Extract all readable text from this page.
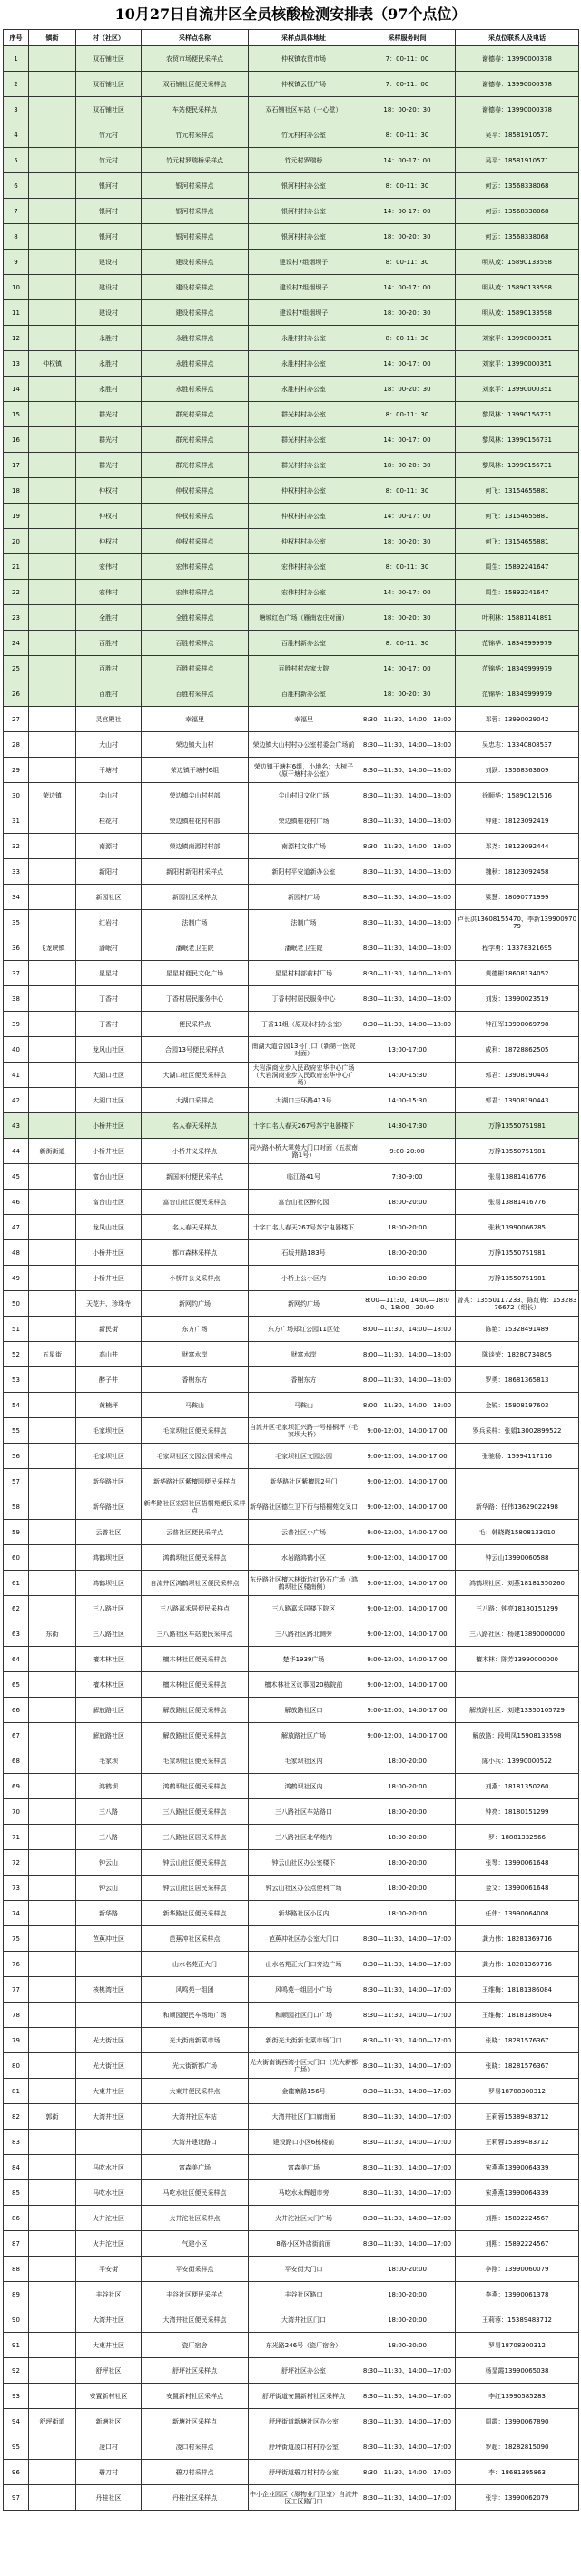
10月27日自流井区全员核酸检测安排表（97个点位）
序号	镇街	村（社区）	采样点名称	采样点具体地址	采样服务时间	采点位联系人及电话
1		双石铺社区	农贸市场便民采样点	仲权镇农贸市场	7：00-11：00	谢德春：13990000378
2		双石铺社区	双石铺社区便民采样点	仲权镇云恒广场	7：00-11：00	谢德春：13990000378
3		双石铺社区	车站便民采样点	双石铺社区车站（一心堂）	18：00-20：30	谢德春：13990000378
4		竹元村	竹元村采样点	竹元村村办公室	8：00-11：30	吴平：18581910571
5		竹元村	竹元村罗瑞桥采样点	竹元村罗瑞桥	14：00-17：00	吴平：18581910571
6		银河村	银河村采样点	银河村村办公室	8：00-11：30	何云：13568338068
7		银河村	银河村采样点	银河村村办公室	14：00-17：00	何云：13568338068
8		银河村	银河村采样点	银河村村办公室	18：00-20：30	何云：13568338068
9		建设村	建设村采样点	建设村7组烟坝子	8：00-11：30	明从茂：15890133598
10		建设村	建设村采样点	建设村7组烟坝子	14：00-17：00	明从茂：15890133598
11		建设村	建设村采样点	建设村7组烟坝子	18：00-20：30	明从茂：15890133598
12		永胜村	永胜村采样点	永胜村村办公室	8：00-11：30	刘家平：13990000351
13	仲权镇	永胜村	永胜村采样点	永胜村村办公室	14：00-17：00	刘家平：13990000351
14		永胜村	永胜村采样点	永胜村村办公室	18：00-20：30	刘家平：13990000351
15		群光村	群光村采样点	群光村村办公室	8：00-11：30	黎凤林：13990156731
16		群光村	群光村采样点	群光村村办公室	14：00-17：00	黎凤林：13990156731
17		群光村	群光村采样点	群光村村办公室	18：00-20：30	黎凤林：13990156731
18		仲权村	仲权村采样点	仲权村村办公室	8：00-11：30	何飞：13154655881
19		仲权村	仲权村采样点	仲权村村办公室	14：00-17：00	何飞：13154655881
20		仲权村	仲权村采样点	仲权村村办公室	18：00-20：30	何飞：13154655881
21		宏伟村	宏伟村采样点	宏伟村村办公室	8：00-11：30	周生：15892241647
22		宏伟村	宏伟村采样点	宏伟村村办公室	14：00-17：00	周生：15892241647
23		全胜村	全胜村采样点	塘坡红色广场（雁南农庄对面）	18：00-20：30	叶利林：15881141891
24		百胜村	百胜村采样点	百胜村新办公室	8：00-11：30	范锦华：18349999979
25		百胜村	百胜村采样点	百胜村村农家大院	14：00-17：00	范锦华：18349999979
26		百胜村	百胜村采样点	百胜村新办公室	18：00-20：30	范锦华：18349999979
27		灵宫殿社	幸福里	幸福里	8:30—11:30、14:00—18:00	邓蓉：13990029042
28		大山村	荣边镇大山村	荣边镇大山村村办公室村委会广场前	8:30—11:30、14:00—18:00	吴忠志：13340808537
29		干塘村	荣边镇干塘村6组	荣边镇干塘村6组，小地名：大树子（原干塘村办公室）	8:30—11:30、14:00—18:00	刘跃：13568363609
30	荣边镇	尖山村	荣边镇尖山村村部	尖山村旧文化广场	8:30—11:30、14:00—18:00	徐顺华：15890121516
31		桂花村	荣边镇桂花村村部	荣边镇桂花村广场	8:30—11:30、14:00—18:00	钟建：18123092419
32		南源村	荣边镇南源村村部	南源村文体广场	8:30—11:30、14:00—18:00	邓尧：18123092444
33		新阳村	新阳村新阳村采样点	新阳村平安道新办公室	8:30—11:30、14:00—18:00	魏秋：18123092458
34		新园社区	新园社区采样点	新园村广场	8:30—11:30、14:00—18:00	梁慧：18090771999
35		红岩村	法制广场	法制广场	8:30—11:30、14:00—18:00	卢长洪13608155470、李新13990097079
36	飞龙峡镇	潘岷村	潘岷老卫生院	潘岷老卫生院	8:30—11:30、14:00—18:00	程学勇：13378321695
37		星星村	星星村便民文化广场	星星村村部前村厂场	8:30—11:30、14:00—18:00	黄德彬18608134052
38		丁香村	丁香村居民服务中心	丁香村村居民服务中心	8:30—11:30、14:00—18:00	刘发：13990023519
39		丁香村	便民采样点	丁香11组（原双水村办公室）	8:30—11:30、14:00—18:00	钟江军13990069798
40		龙风山社区	合园13号便民采样点	南湖大道合园13号门口（新第一医院对面）	13:00-17:00	成利：18728862505
41		大湖口社区	大湖口社区便民采样点	大岩洞商业步入民政府宏华中心广场（大岩洞商业步入民政府宏华中心广场）	14:00-15:30	郭君：13908190443
42		大湖口社区	大湖口采样点	大湖口三环路413号	14:00-15:30	郭君：13908190443
43		小桥井社区	名人春天采样点	十字口名人春天267号苏宁电器楼下	14:30-17:30	万静13550751981
44	新街街道	小桥井社区	小桥井义采样点	同兴路小桥大翠苑大门口对面（五叔南路1号）	9:00-20:00	万静13550751981
45		富台山社区	新国亦付便民采样点	临江路41号	7:30-9:00	张易13881416776
46		富台山社区	富台山社区便民采样点	富台山社区醉化园	18:00-20:00	张易13881416776
47		龙凤山社区	名人春天采样点	十字口名人春天267号苏宁电器楼下	18:00-20:00	张秋13990066285
48		小桥井社区	都市森林采样点	石坂井路183号	18:00-20:00	万静13550751981
49		小桥井社区	小桥井公义采样点	小桥上公小区内	18:00-20:00	万静13550751981
50		天花井、珍珠寺	新网约广场	新网约广场	8:00—11:30、14:00—18:00、18:00—20:00	曾兆：13550117233、陈红梅：15328376672（组长）
51		新民街	东方广场	东方广场郑红公园11区处	8:00—11:30、14:00—18:00	陈艳：15328491489
52	五星街	高山井	财富水岸	财富水岸	8:00—11:30、14:00—18:00	陈谈荣：18280734805
53		醉子井	香榭东方	香榭东方	8:00—11:30、14:00—18:00	罗勇：18681365813
54		黄楠坪	马鞍山	马鞍山	8:00—11:30、14:00—18:00	金锐：15908197603
55		毛家坝社区	毛家坝社区便民采样点	自流井区毛家坝汇兴路一号梧桐坪（毛家坝大桥）	9:00-12:00、14:00-17:00	罗兵采样：张娟13002899522
56		毛家坝社区	毛家坝社区文园公园采样点	毛家坝社区文园公园	9:00-12:00、14:00-17:00	张驰杨：15994117116
57		新华路社区	新华路社区紫檀园便民采样点	新华路社区紫檀园2号门	9:00-12:00、14:00-17:00	
58		新华路社区	新华路社区宏居社区梧桐苑便民采样点	新华路社区德生卫下行与梧桐苑交叉口	9:00-12:00、14:00-17:00	新华路：任伟13629022498
59		云普社区	云普社区便民采样点	云普社区小广场	9:00-12:00、14:00-17:00	毛：韩晓晓15808133010
60		鸿鹤坝社区	鸿鹤坝社区便民采样点	水岩路鸿鹤小区	9:00-12:00、14:00-17:00	钟云山13990060588
61		鸿鹤坝社区	自流井区鸿鹤坝社区便民采样点	东岳路社区檀木林街坊红砂石广场（鸿鹤坝社区楼南侧）	9:00-12:00、14:00-17:00	鸿鹤坝社区：刘燕18181350260
62		三八路社区	三八路嘉禾居便民采样点	三八路嘉禾居楼下院区	9:00-12:00、14:00-17:00	三八路：钟亮18180151299
63	东街	三八路社区	三八路社区车站便民采样点	三八路社区路北侧旁	9:00-12:00、14:00-17:00	三八路社区：杨建13890000000
64		檀木林社区	檀木林社区便民采样点	楚华1939广场	9:00-12:00、14:00-17:00	檀木林：陈芳13990000000
65		檀木林社区	檀木林社区便民采样点	檀木林社区议事园20栋院前	9:00-12:00、14:00-17:00	
66		解放路社区	解放路社区便民采样点	解放路社区口	9:00-12:00、14:00-17:00	解放路社区：刘建13350105729
67		解放路社区	解放路社区便民采样点	解放路社区广场	9:00-12:00、14:00-17:00	解放路：段明凤15908133598
68		毛家坝	毛家坝社区便民采样点	毛家坝社区内	18:00-20:00	陈小兵：13990000522
69		鸿鹤坝	鸿鹤坝社区便民采样点	鸿鹤坝社区内	18:00-20:00	刘燕：18181350260
70		三八路	三八路社区便民采样点	三八路社区车站路口	18:00-20:00	钟亮：18180151299
71		三八路	三八路社区居民采样点	三八路社区北华苑内	18:00-20:00	罗：18881332566
72		钟云山	钟云山社区便民采样点	钟云山社区办公室楼下	18:00-20:00	张琴：13990061648
73		钟云山	钟云山社区居民采样点	钟云山社区办公点便利广场	18:00-20:00	金文：13990061648
74		新华路	新华路社区便民采样点	新华路社区小区内	18:00-20:00	任伟：13990064008
75		芭蕉冲社区	芭蕉冲社区采样点	芭蕉冲社区办公室大门口	8:30—11:30、14:00—17:00	龚力伟：18281369716
76			山水名苑正大门	山水名苑正大门口旁边广场	8:30—11:30、14:00—17:00	龚力伟：18281369716
77		核桃湾社区	风鸣苑一组团	风鸣苑一组团小广场	8:30—11:30、14:00—17:00	王维梅：18181386084
78			和顺园便民车场地广场	和顺园社区门口广场	8:30—11:30、14:00—17:00	王维梅：18181386084
79		光大街社区	光大街南新菜市场	新街光大街新北菜市场门口	8:30—11:30、14:00—17:00	张晓：18281576367
80		光大街社区	光大街新都广场	光大街南街西湾小区大门口（光大新都广场）	8:30—11:30、14:00—17:00	张晓：18281576367
81		大東井社区	大東井便民采样点	金龍寨路156号	8:30—11:30、14:00—17:00	罗易18708300312
82	郭街	大湾井社区	大湾井社区车站	大湾井社区门口廊南面	8:30—11:30、14:00—17:00	王莉蓉15389483712
83			大湾井建设路口	建设路口小区6栋楼前	8:30—11:30、14:00—17:00	王莉蓉15389483712
84		马吃水社区	富森美广场	富森美广场	8:30—11:30、14:00—17:00	宋燕燕13990064339
85		马吃水社区	马吃水社区便民采样点	马吃水永辉超市旁	8:30—11:30、14:00—17:00	宋燕燕13990064339
86		火井沱社区	火井沱社区采样点	火井沱社区大门广场	8:30—11:30、14:00—17:00	刘熙：15892224567
87		火井沱社区	气建小区	8路小区外店街前面	8:30—11:30、14:00—17:00	刘熙：15892224567
88		平安街	平安街采样点	平安街大门口	18:00-20:00	李刚：13990060079
89		丰谷社区	丰谷社区便民采样点	丰谷社区路口	18:00-20:00	李燕：13990061378
90		大湾井社区	大湾井社区便民采样点	大湾井社区门口	18:00-20:00	王莉蓉：15389483712
91		大東井社区	瓷厂宿舍	东光路246号（瓷厂宿舍）	18:00-20:00	罗易18708300312
92		舒坪社区	舒坪社区采样点	舒坪社区办公室	8:30—11:30、14:00—17:00	杨显霞13990065038
93		安置新村社区	安置新村社区采样点	舒坪街道安置新村社区采样点	8:30—11:30、14:00—17:00	李红13990585283
94	舒坪街道	新塘社区	新塘社区采样点	舒坪街道新塘社区办公室	8:30—11:30、14:00—17:00	周霞：13990067890
95		凌口村	凌口村采样点	舒坪街道凌口村村办公室	8:30—11:30、14:00—17:00	罗超：18282815090
96		碧刀村	碧刀村采样点	舒坪街道碧刀村村办公室	8:30—11:30、14:00—17:00	李：18681395863
97		丹桂社区	丹桂社区采样点	中小企业园区（原物业门卫室）自流井区工区路门口	8:30—11:30、14:00—17:00	张宇：13990062079
